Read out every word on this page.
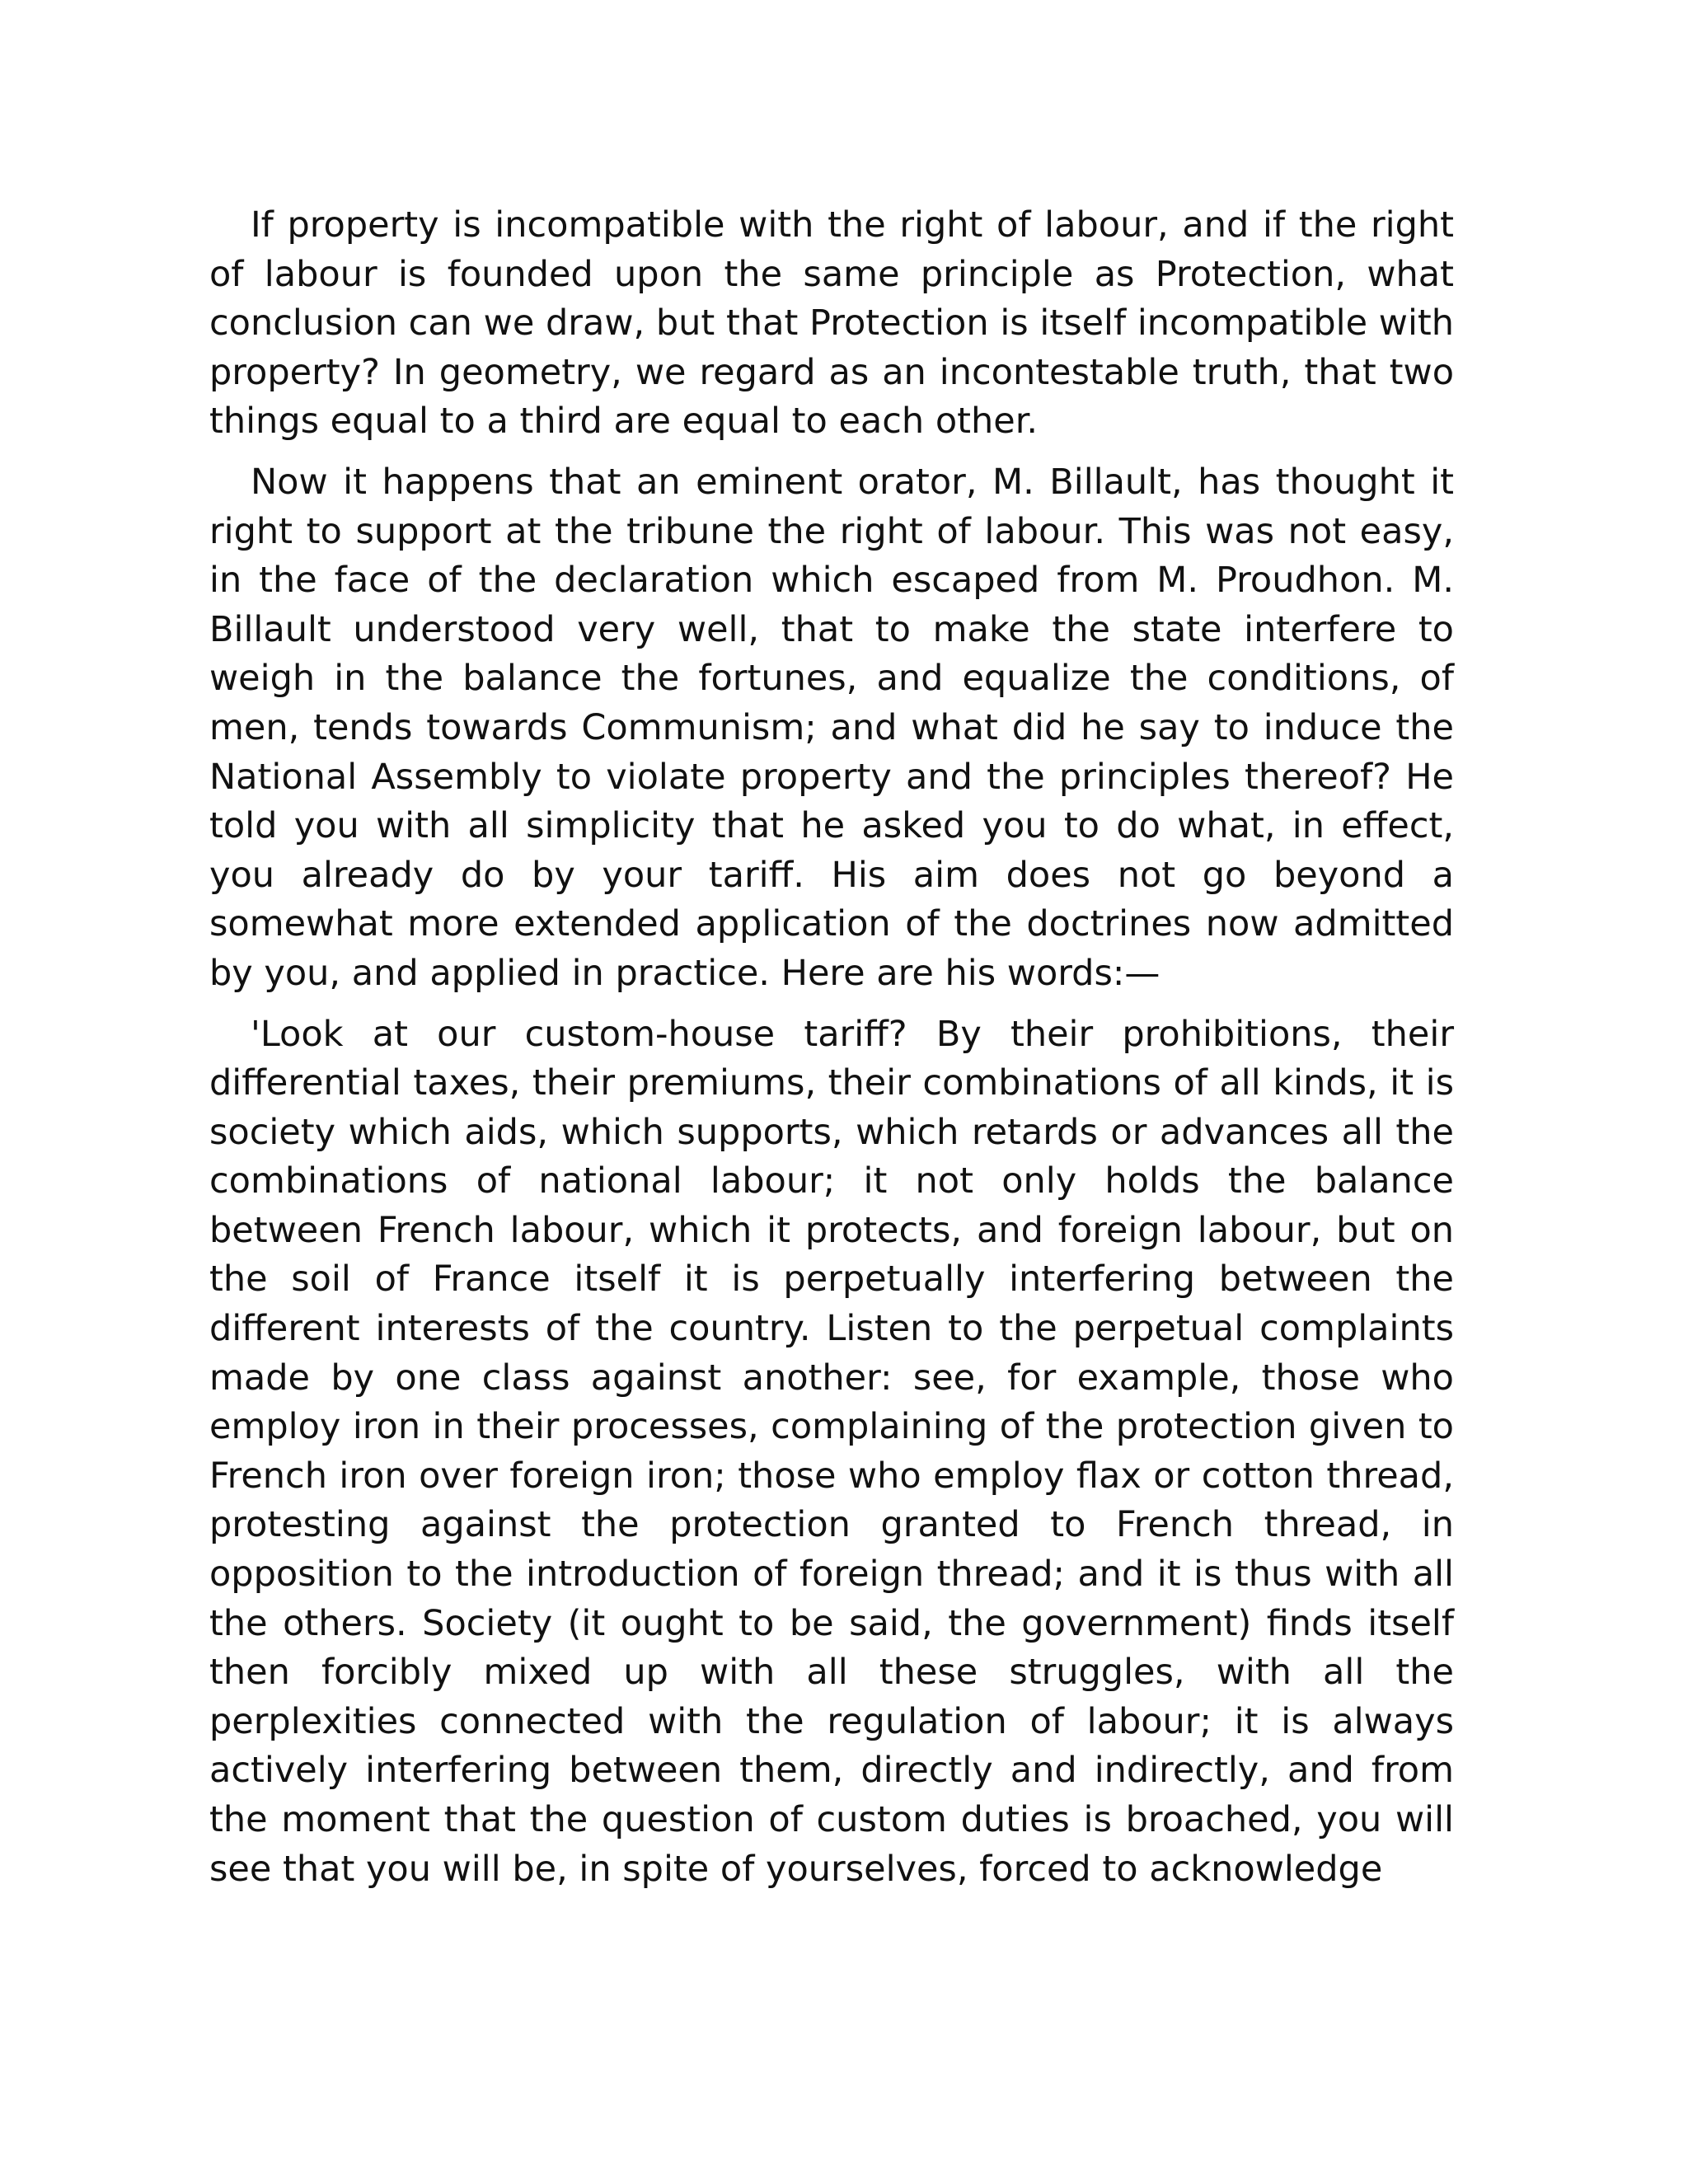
If property is incompatible with the right of labour, and if the right of labour is founded upon the same principle as Protection, what conclusion can we draw, but that Protection is itself incompatible with property? In geometry, we regard as an incontestable truth, that two things equal to a third are equal to each other.

Now it happens that an eminent orator, M. Billault, has thought it right to support at the tribune the right of labour. This was not easy, in the face of the declaration which escaped from M. Proudhon. M. Billault understood very well, that to make the state interfere to weigh in the balance the fortunes, and equalize the conditions, of men, tends towards Communism; and what did he say to induce the National Assembly to violate property and the principles thereof? He told you with all simplicity that he asked you to do what, in effect, you already do by your tariff. His aim does not go beyond a somewhat more extended application of the doctrines now admitted by you, and applied in practice. Here are his words:—

'Look at our custom-house tariff? By their prohibitions, their differential taxes, their premiums, their combinations of all kinds, it is society which aids, which supports, which retards or advances all the combinations of national labour; it not only holds the balance between French labour, which it protects, and foreign labour, but on the soil of France itself it is perpetually interfering between the different interests of the country. Listen to the perpetual complaints made by one class against another: see, for example, those who employ iron in their processes, complaining of the protection given to French iron over foreign iron; those who employ flax or cotton thread, protesting against the protection granted to French thread, in opposition to the introduction of foreign thread; and it is thus with all the others. Society (it ought to be said, the government) finds itself then forcibly mixed up with all these struggles, with all the perplexities connected with the regulation of labour; it is always actively interfering between them, directly and indirectly, and from the moment that the question of custom duties is broached, you will see that you will be, in spite of yourselves, forced to acknowledge
